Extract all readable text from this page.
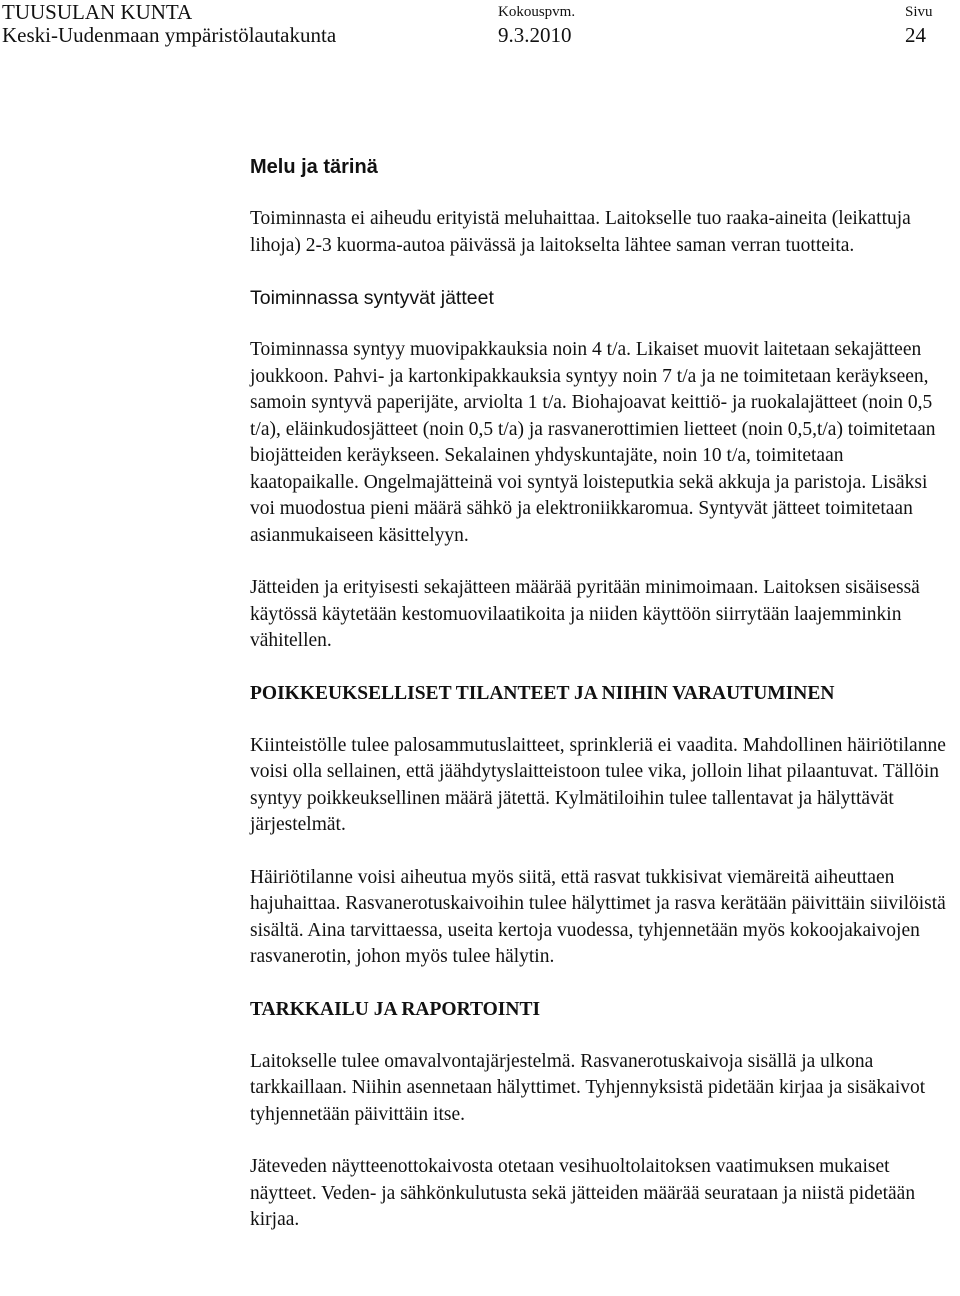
TUUSULAN KUNTA
Keski-Uudenmaan ympäristölautakunta
Kokouspvm.
9.3.2010
Sivu
24
Melu ja tärinä

Toiminnasta ei aiheudu erityistä meluhaittaa. Laitokselle tuo raaka-aineita (leikattuja lihoja) 2-3 kuorma-autoa päivässä ja laitokselta lähtee saman verran tuotteita.

Toiminnassa syntyvät jätteet

Toiminnassa syntyy muovipakkauksia noin 4 t/a. Likaiset muovit laitetaan sekajätteen joukkoon. Pahvi- ja kartonkipakkauksia syntyy noin 7 t/a ja ne toimitetaan keräykseen, samoin syntyvä paperijäte, arviolta 1 t/a. Biohajoavat keittiö- ja ruokalajätteet (noin 0,5 t/a), eläinkudosjätteet (noin 0,5 t/a) ja rasvanerottimien lietteet (noin 0,5,t/a) toimitetaan biojätteiden keräykseen. Sekalainen yhdyskuntajäte, noin 10 t/a, toimitetaan kaatopaikalle. Ongelmajätteinä voi syntyä loisteputkia sekä akkuja ja paristoja. Lisäksi voi muodostua pieni määrä sähkö ja elektroniikkaromua. Syntyvät jätteet toimitetaan asianmukaiseen käsittelyyn.

Jätteiden ja erityisesti sekajätteen määrää pyritään minimoimaan. Laitoksen sisäisessä käytössä käytetään kestomuovilaatikoita ja niiden käyttöön siirrytään laajemminkin vähitellen.

POIKKEUKSELLISET TILANTEET JA NIIHIN VARAUTUMINEN

Kiinteistölle tulee palosammutuslaitteet, sprinkleriä ei vaadita. Mahdollinen häiriötilanne voisi olla sellainen, että jäähdytyslaitteistoon tulee vika, jolloin lihat pilaantuvat. Tällöin syntyy poikkeuksellinen määrä jätettä. Kylmätiloihin tulee tallentavat ja hälyttävät järjestelmät.

Häiriötilanne voisi aiheutua myös siitä, että rasvat tukkisivat viemäreitä aiheuttaen hajuhaittaa. Rasvanerotuskaivoihin tulee hälyttimet ja rasva kerätään päivittäin siivilöistä sisältä. Aina tarvittaessa, useita kertoja vuodessa, tyhjennetään myös kokoojakaivojen rasvanerotin, johon myös tulee hälytin.

TARKKAILU JA RAPORTOINTI

Laitokselle tulee omavalvontajärjestelmä. Rasvanerotuskaivoja sisällä ja ulkona tarkkaillaan. Niihin asennetaan hälyttimet. Tyhjennyksistä pidetään kirjaa ja sisäkaivot tyhjennetään päivittäin itse.

Jäteveden näytteenottokaivosta otetaan vesihuoltolaitoksen vaatimuksen mukaiset näytteet. Veden- ja sähkönkulutusta sekä jätteiden määrää seurataan ja niistä pidetään kirjaa.
